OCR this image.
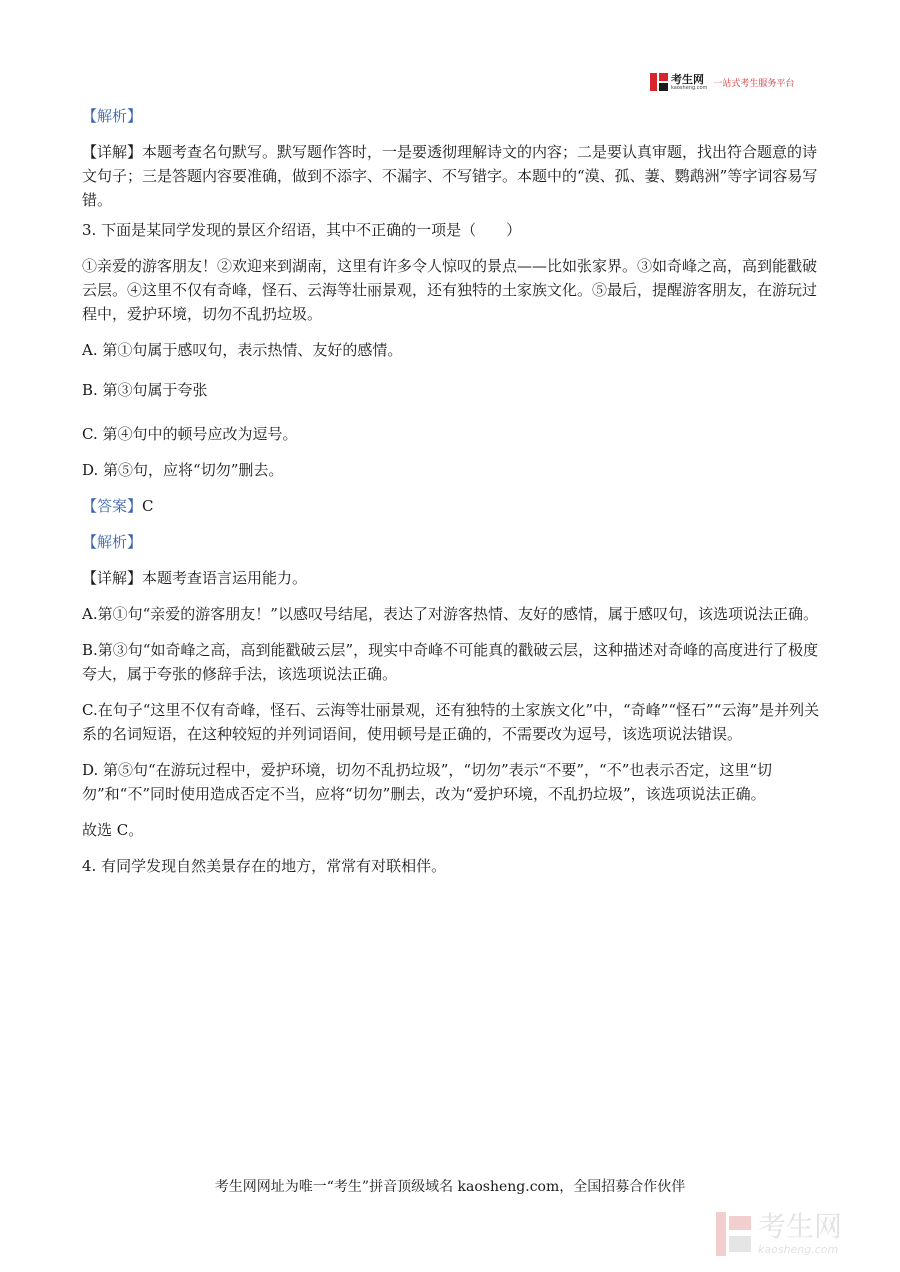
考生网
kaosheng.com 一站式考生服务平台

【解析】

【详解】本题考查名句默写。默写题作答时，一是要透彻理解诗文的内容；二是要认真审题，找出符合题意的诗文句子；三是答题内容要准确，做到不添字、不漏字、不写错字。本题中的“漠、孤、萋、鹦鹉洲”等字词容易写错。

3. 下面是某同学发现的景区介绍语，其中不正确的一项是（　　）

①亲爱的游客朋友！②欢迎来到湖南，这里有许多令人惊叹的景点——比如张家界。③如奇峰之高，高到能戳破云层。④这里不仅有奇峰，怪石、云海等壮丽景观，还有独特的土家族文化。⑤最后，提醒游客朋友，在游玩过程中，爱护环境，切勿不乱扔垃圾。

A. 第①句属于感叹句，表示热情、友好的感情。

B. 第③句属于夸张

C. 第④句中的顿号应改为逗号。

D. 第⑤句，应将“切勿”删去。

【答案】C

【解析】

【详解】本题考查语言运用能力。

A.第①句“亲爱的游客朋友！”以感叹号结尾，表达了对游客热情、友好的感情，属于感叹句，该选项说法正确。

B.第③句“如奇峰之高，高到能戳破云层”，现实中奇峰不可能真的戳破云层，这种描述对奇峰的高度进行了极度夸大，属于夸张的修辞手法，该选项说法正确。

C.在句子“这里不仅有奇峰，怪石、云海等壮丽景观，还有独特的土家族文化”中，“奇峰”“怪石”“云海”是并列关系的名词短语，在这种较短的并列词语间，使用顿号是正确的，不需要改为逗号，该选项说法错误。

D. 第⑤句“在游玩过程中，爱护环境，切勿不乱扔垃圾”，“切勿”表示“不要”，“不”也表示否定，这里“切勿”和“不”同时使用造成否定不当，应将“切勿”删去，改为“爱护环境，不乱扔垃圾”，该选项说法正确。

故选 C。

4. 有同学发现自然美景存在的地方，常常有对联相伴。

考生网网址为唯一“考生”拼音顶级域名 kaosheng.com，全国招募合作伙伴
考生网
kaosheng.com
